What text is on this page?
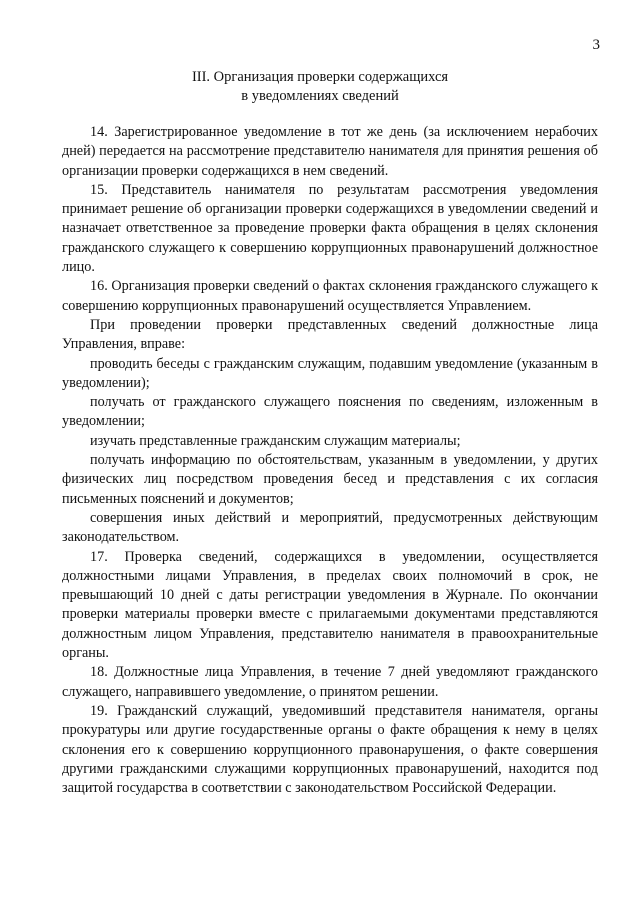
3
III. Организация проверки содержащихся
в уведомлениях сведений

14. Зарегистрированное уведомление в тот же день (за исключением нерабочих дней) передается на рассмотрение представителю нанимателя для принятия решения об организации проверки содержащихся в нем сведений.

15. Представитель нанимателя по результатам рассмотрения уведомления принимает решение об организации проверки содержащихся в уведомлении сведений и назначает ответственное за проведение проверки факта обращения в целях склонения гражданского служащего к совершению коррупционных правонарушений должностное лицо.

16. Организация проверки сведений о фактах склонения гражданского служащего к совершению коррупционных правонарушений осуществляется Управлением.

При проведении проверки представленных сведений должностные лица Управления, вправе:

проводить беседы с гражданским служащим, подавшим уведомление (указанным в уведомлении);

получать от гражданского служащего пояснения по сведениям, изложенным в уведомлении;

изучать представленные гражданским служащим материалы;

получать информацию по обстоятельствам, указанным в уведомлении, у других физических лиц посредством проведения бесед и представления с их согласия письменных пояснений и документов;

совершения иных действий и мероприятий, предусмотренных действующим законодательством.

17. Проверка сведений, содержащихся в уведомлении, осуществляется должностными лицами Управления, в пределах своих полномочий в срок, не превышающий 10 дней с даты регистрации уведомления в Журнале. По окончании проверки материалы проверки вместе с прилагаемыми документами представляются должностным лицом Управления, представителю нанимателя в правоохранительные органы.

18. Должностные лица Управления, в течение 7 дней уведомляют гражданского служащего, направившего уведомление, о принятом решении.

19. Гражданский служащий, уведомивший представителя нанимателя, органы прокуратуры или другие государственные органы о факте обращения к нему в целях склонения его к совершению коррупционного правонарушения, о факте совершения другими гражданскими служащими коррупционных правонарушений, находится под защитой государства в соответствии с законодательством Российской Федерации.
